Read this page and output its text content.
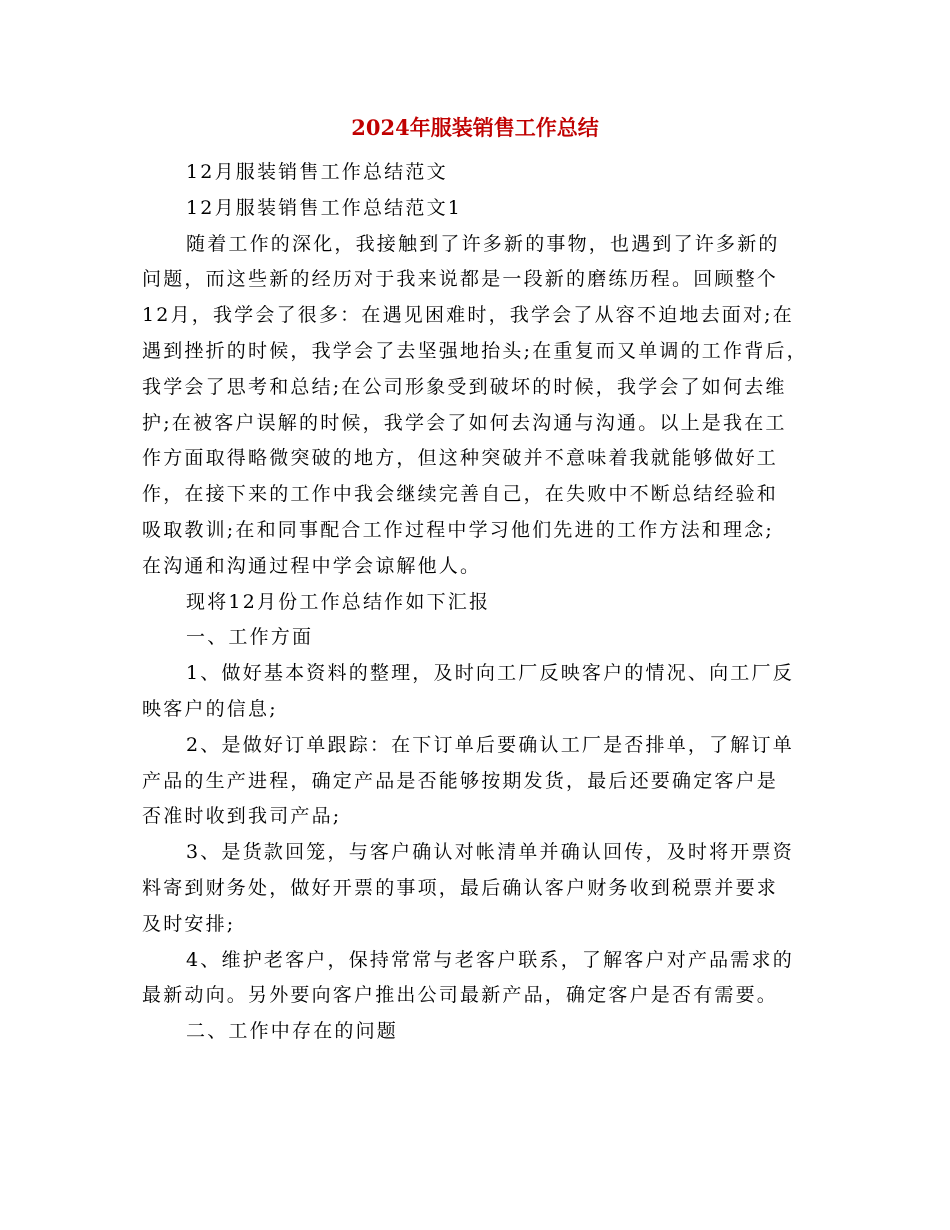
2024年服装销售工作总结
12月服装销售工作总结范文
12月服装销售工作总结范文1
随着工作的深化，我接触到了许多新的事物，也遇到了许多新的
问题，而这些新的经历对于我来说都是一段新的磨练历程。回顾整个
12月，我学会了很多：在遇见困难时，我学会了从容不迫地去面对;在
遇到挫折的时候，我学会了去坚强地抬头;在重复而又单调的工作背后，
我学会了思考和总结;在公司形象受到破坏的时候，我学会了如何去维
护;在被客户误解的时候，我学会了如何去沟通与沟通。以上是我在工
作方面取得略微突破的地方，但这种突破并不意味着我就能够做好工
作，在接下来的工作中我会继续完善自己，在失败中不断总结经验和
吸取教训;在和同事配合工作过程中学习他们先进的工作方法和理念;
在沟通和沟通过程中学会谅解他人。
现将12月份工作总结作如下汇报
一、工作方面
1、做好基本资料的整理，及时向工厂反映客户的情况、向工厂反
映客户的信息;
2、是做好订单跟踪：在下订单后要确认工厂是否排单，了解订单
产品的生产进程，确定产品是否能够按期发货，最后还要确定客户是
否准时收到我司产品;
3、是货款回笼，与客户确认对帐清单并确认回传，及时将开票资
料寄到财务处，做好开票的事项，最后确认客户财务收到税票并要求
及时安排;
4、维护老客户，保持常常与老客户联系，了解客户对产品需求的
最新动向。另外要向客户推出公司最新产品，确定客户是否有需要。
二、工作中存在的问题
